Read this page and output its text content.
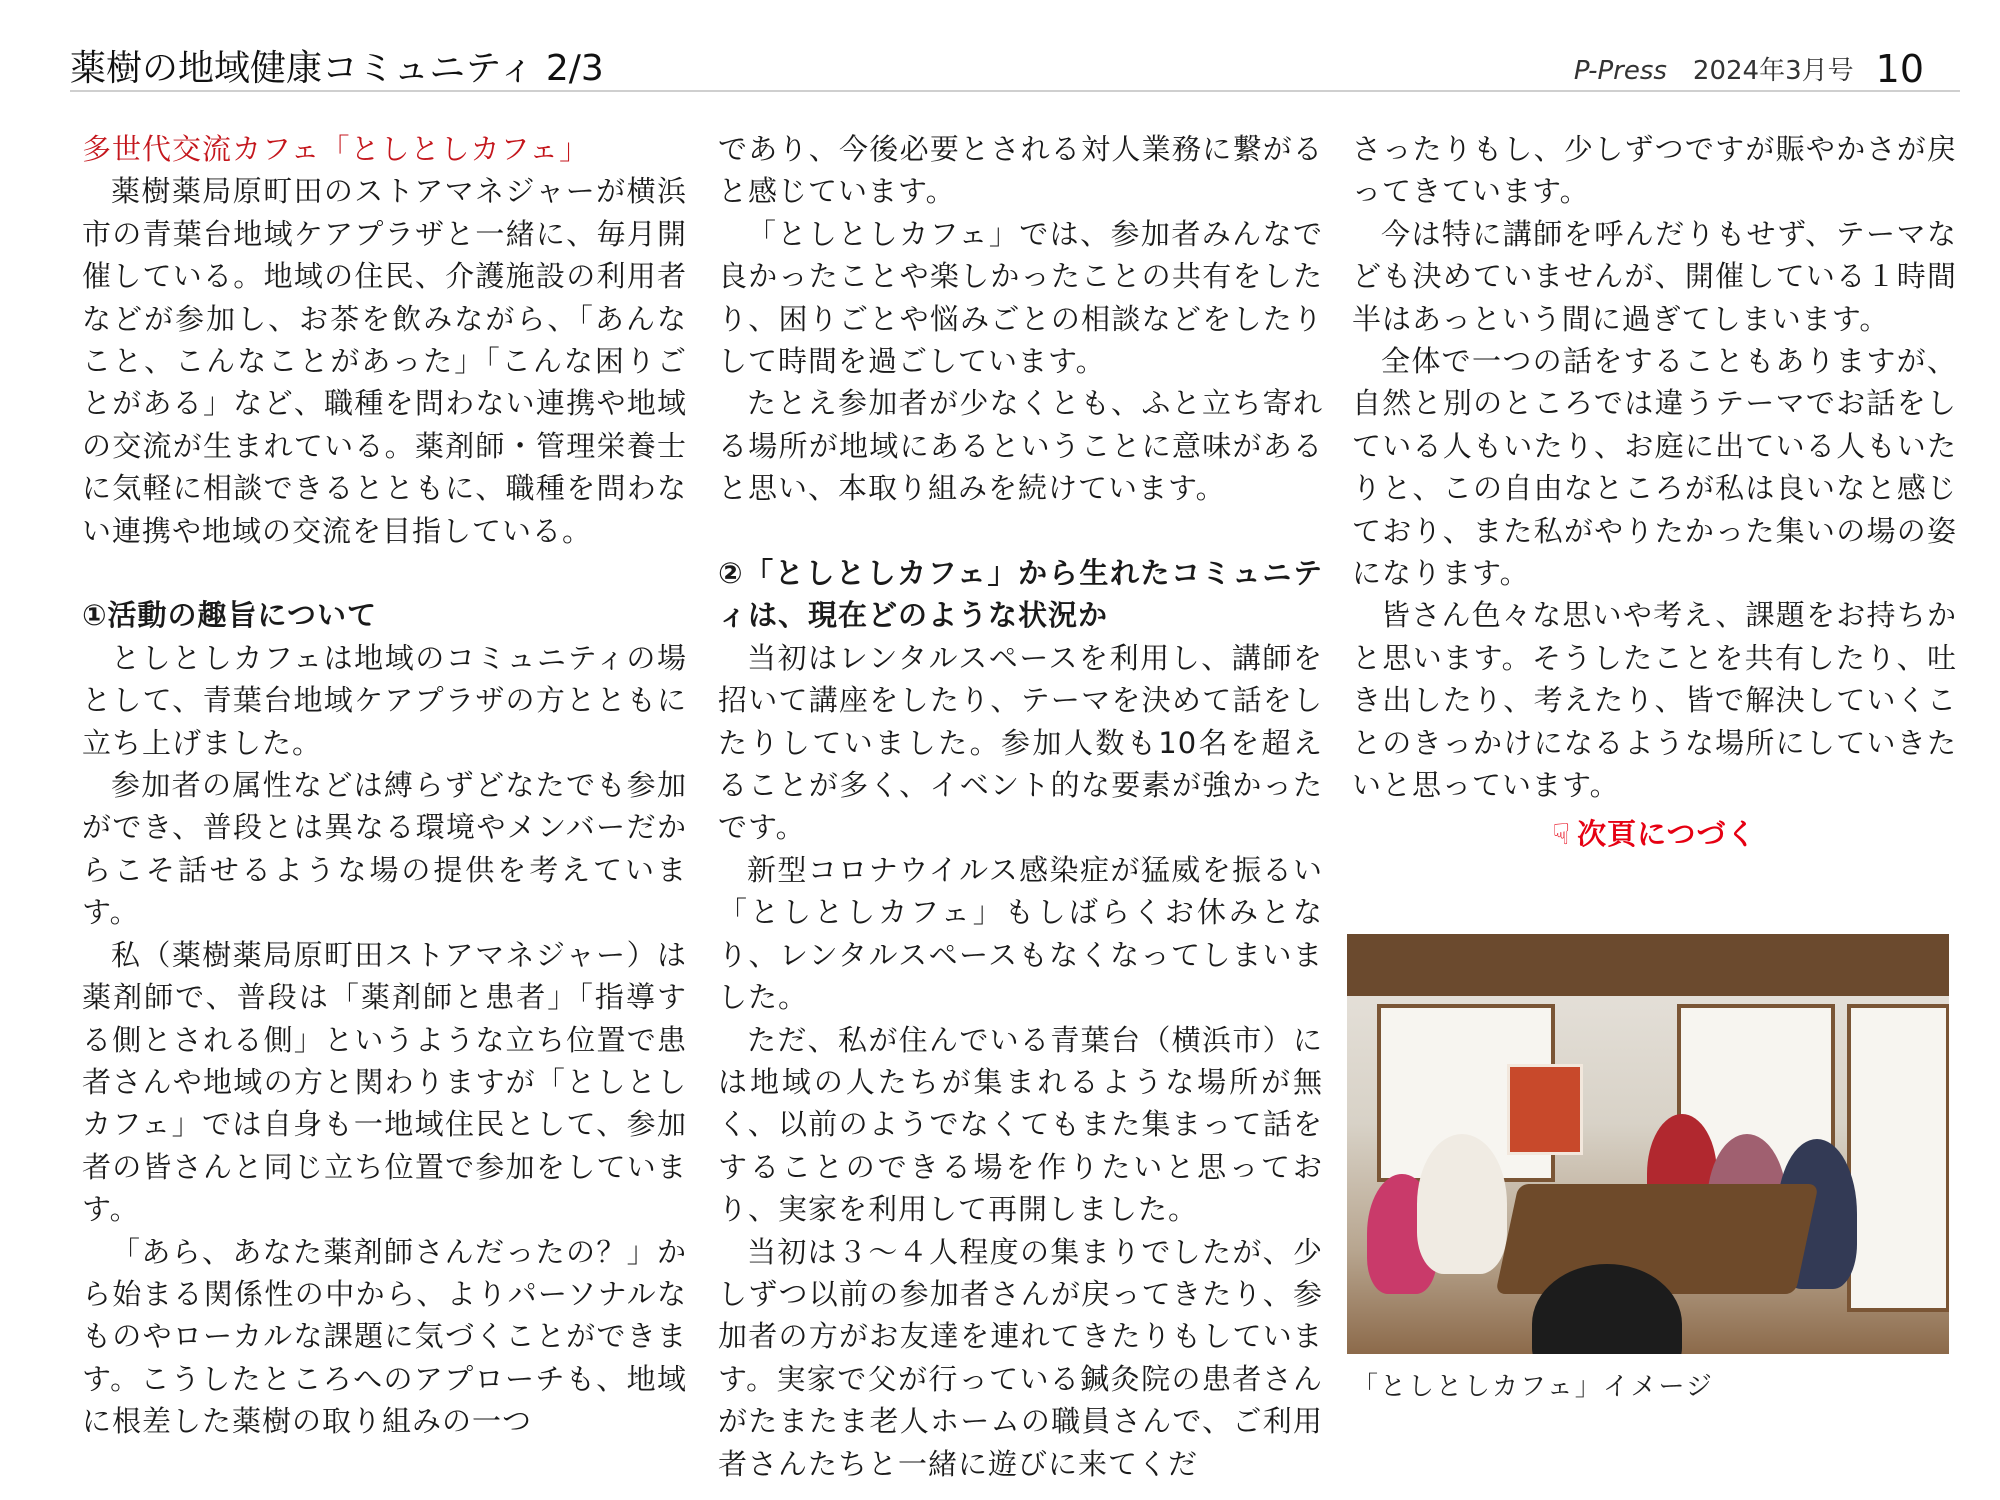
薬樹の地域健康コミュニティ 2/3	P-Press 2024年3月号 10

多世代交流カフェ「としとしカフェ」

薬樹薬局原町田のストアマネジャーが横浜市の青葉台地域ケアプラザと一緒に、毎月開催している。地域の住民、介護施設の利用者などが参加し、お茶を飲みながら、「あんなこと、こんなことがあった」「こんな困りごとがある」など、職種を問わない連携や地域の交流が生まれている。薬剤師・管理栄養士に気軽に相談できるとともに、職種を問わない連携や地域の交流を目指している。

①活動の趣旨について

としとしカフェは地域のコミュニティの場として、青葉台地域ケアプラザの方とともに立ち上げました。

参加者の属性などは縛らずどなたでも参加ができ、普段とは異なる環境やメンバーだからこそ話せるような場の提供を考えています。

私（薬樹薬局原町田ストアマネジャー）は薬剤師で、普段は「薬剤師と患者」「指導する側とされる側」というような立ち位置で患者さんや地域の方と関わりますが「としとしカフェ」では自身も一地域住民として、参加者の皆さんと同じ立ち位置で参加をしています。

「あら、あなた薬剤師さんだったの？」から始まる関係性の中から、よりパーソナルなものやローカルな課題に気づくことができます。こうしたところへのアプローチも、地域に根差した薬樹の取り組みの一つ

であり、今後必要とされる対人業務に繋がると感じています。

「としとしカフェ」では、参加者みんなで良かったことや楽しかったことの共有をしたり、困りごとや悩みごとの相談などをしたりして時間を過ごしています。

たとえ参加者が少なくとも、ふと立ち寄れる場所が地域にあるということに意味があると思い、本取り組みを続けています。

②「としとしカフェ」から生れたコミュニティは、現在どのような状況か

当初はレンタルスペースを利用し、講師を招いて講座をしたり、テーマを決めて話をしたりしていました。参加人数も10名を超えることが多く、イベント的な要素が強かったです。

新型コロナウイルス感染症が猛威を振るい「としとしカフェ」もしばらくお休みとなり、レンタルスペースもなくなってしまいました。

ただ、私が住んでいる青葉台（横浜市）には地域の人たちが集まれるような場所が無く、以前のようでなくてもまた集まって話をすることのできる場を作りたいと思っており、実家を利用して再開しました。

当初は３～４人程度の集まりでしたが、少しずつ以前の参加者さんが戻ってきたり、参加者の方がお友達を連れてきたりもしています。実家で父が行っている鍼灸院の患者さんがたまたま老人ホームの職員さんで、ご利用者さんたちと一緒に遊びに来てくだ

さったりもし、少しずつですが賑やかさが戻ってきています。

今は特に講師を呼んだりもせず、テーマなども決めていませんが、開催している１時間半はあっという間に過ぎてしまいます。

全体で一つの話をすることもありますが、自然と別のところでは違うテーマでお話をしている人もいたり、お庭に出ている人もいたりと、この自由なところが私は良いなと感じており、また私がやりたかった集いの場の姿になります。

皆さん色々な思いや考え、課題をお持ちかと思います。そうしたことを共有したり、吐き出したり、考えたり、皆で解決していくことのきっかけになるような場所にしていきたいと思っています。

☟ 次頁につづく
「としとしカフェ」イメージ
